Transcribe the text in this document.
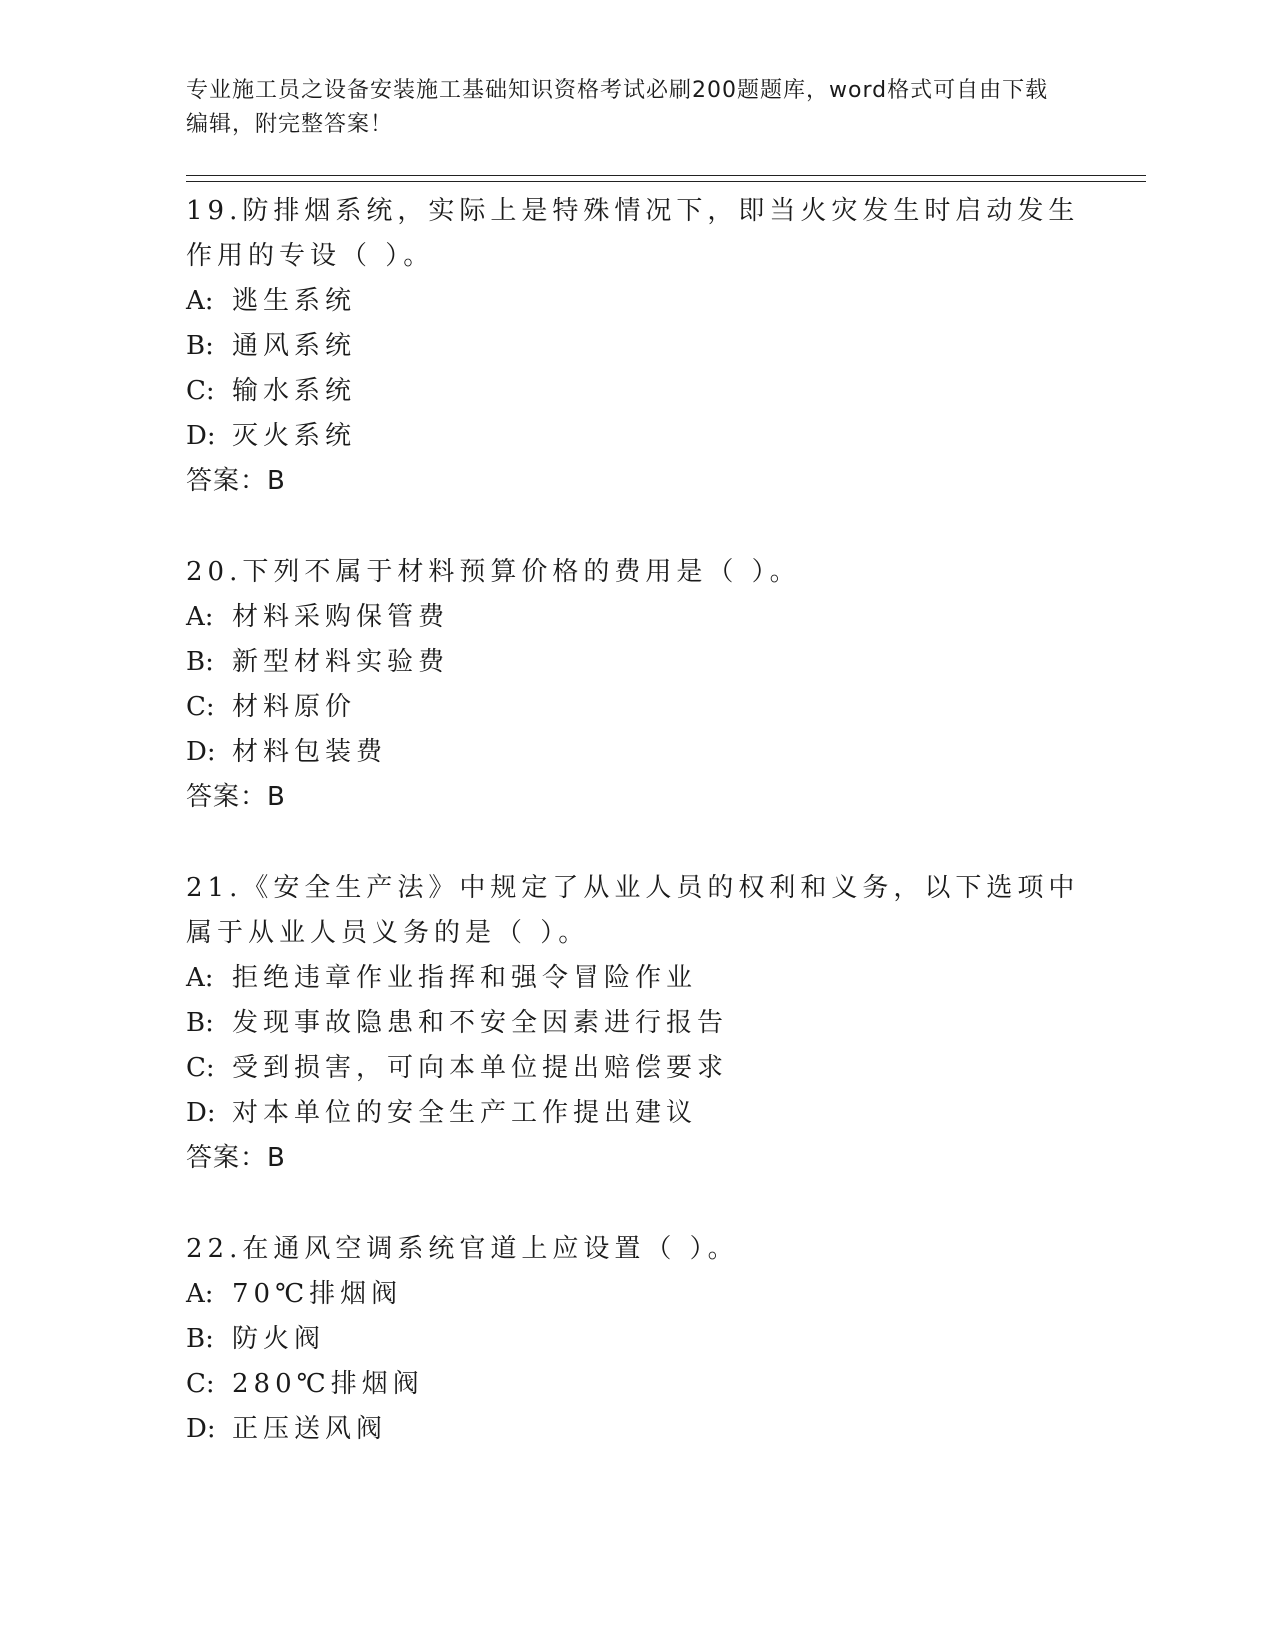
专业施工员之设备安装施工基础知识资格考试必刷200题题库，word格式可自由下载编辑，附完整答案！
19.防排烟系统，实际上是特殊情况下，即当火灾发生时启动发生作用的专设（ ）。
A: 逃生系统
B: 通风系统
C: 输水系统
D: 灭火系统
答案：B
20.下列不属于材料预算价格的费用是（ ）。
A: 材料采购保管费
B: 新型材料实验费
C: 材料原价
D: 材料包装费
答案：B
21.《安全生产法》中规定了从业人员的权利和义务，以下选项中属于从业人员义务的是（ ）。
A: 拒绝违章作业指挥和强令冒险作业
B: 发现事故隐患和不安全因素进行报告
C: 受到损害，可向本单位提出赔偿要求
D: 对本单位的安全生产工作提出建议
答案：B
22.在通风空调系统官道上应设置（ ）。
A: 70℃排烟阀
B: 防火阀
C: 280℃排烟阀
D: 正压送风阀
